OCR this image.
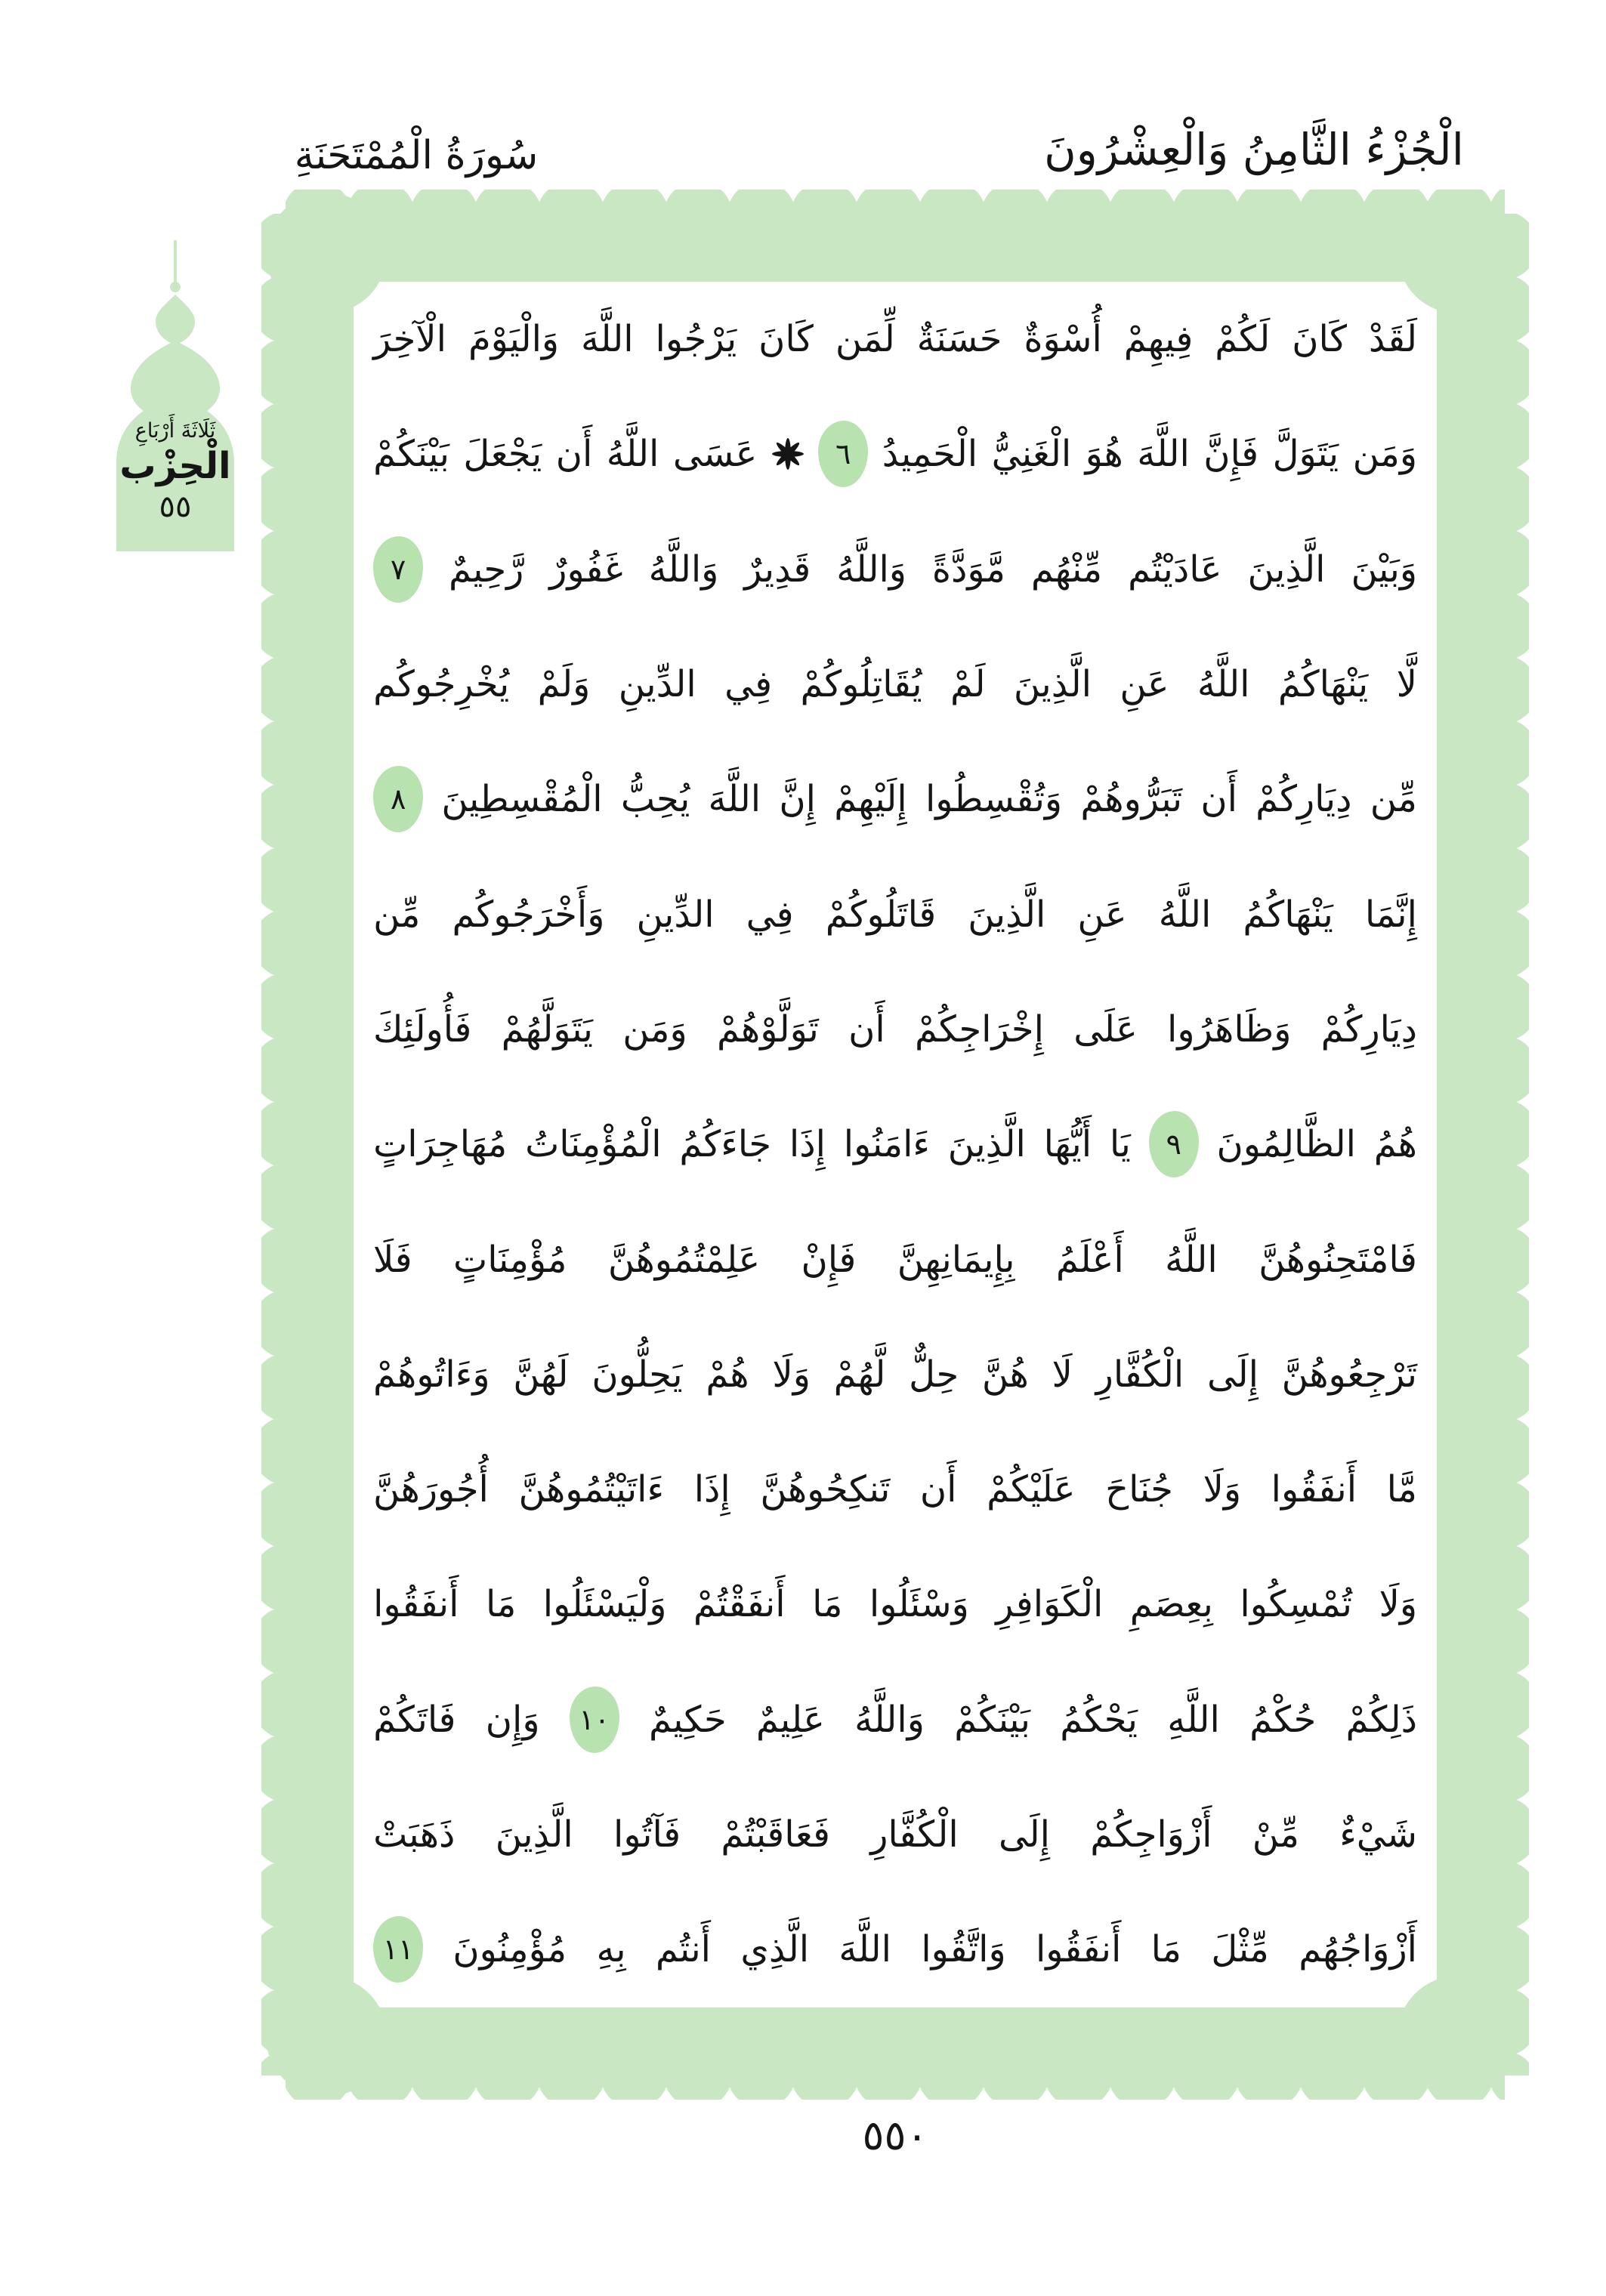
الْجُزْءُ الثَّامِنُ وَالْعِشْرُونَ
سُورَةُ الْمُمْتَحَنَةِ
ثَلَاثَةَ أَرْبَاعِ
الْحِزْب
٥٥
لَقَدْ
كَانَ
لَكُمْ
فِيهِمْ
أُسْوَةٌ
حَسَنَةٌ
لِّمَن
كَانَ
يَرْجُوا
اللَّهَ
وَالْيَوْمَ
الْآخِرَ
وَمَن
يَتَوَلَّ
فَإِنَّ
اللَّهَ
هُوَ
الْغَنِيُّ
الْحَمِيدُ
٦
عَسَى
اللَّهُ
أَن
يَجْعَلَ
بَيْنَكُمْ
وَبَيْنَ
الَّذِينَ
عَادَيْتُم
مِّنْهُم
مَّوَدَّةً
وَاللَّهُ
قَدِيرٌ
وَاللَّهُ
غَفُورٌ
رَّحِيمٌ
٧
لَّا
يَنْهَاكُمُ
اللَّهُ
عَنِ
الَّذِينَ
لَمْ
يُقَاتِلُوكُمْ
فِي
الدِّينِ
وَلَمْ
يُخْرِجُوكُم
مِّن
دِيَارِكُمْ
أَن
تَبَرُّوهُمْ
وَتُقْسِطُوا
إِلَيْهِمْ
إِنَّ
اللَّهَ
يُحِبُّ
الْمُقْسِطِينَ
٨
إِنَّمَا
يَنْهَاكُمُ
اللَّهُ
عَنِ
الَّذِينَ
قَاتَلُوكُمْ
فِي
الدِّينِ
وَأَخْرَجُوكُم
مِّن
دِيَارِكُمْ
وَظَاهَرُوا
عَلَى
إِخْرَاجِكُمْ
أَن
تَوَلَّوْهُمْ
وَمَن
يَتَوَلَّهُمْ
فَأُولَئِكَ
هُمُ
الظَّالِمُونَ
٩
يَا
أَيُّهَا
الَّذِينَ
ءَامَنُوا
إِذَا
جَاءَكُمُ
الْمُؤْمِنَاتُ
مُهَاجِرَاتٍ
فَامْتَحِنُوهُنَّ
اللَّهُ
أَعْلَمُ
بِإِيمَانِهِنَّ
فَإِنْ
عَلِمْتُمُوهُنَّ
مُؤْمِنَاتٍ
فَلَا
تَرْجِعُوهُنَّ
إِلَى
الْكُفَّارِ
لَا
هُنَّ
حِلٌّ
لَّهُمْ
وَلَا
هُمْ
يَحِلُّونَ
لَهُنَّ
وَءَاتُوهُمْ
مَّا
أَنفَقُوا
وَلَا
جُنَاحَ
عَلَيْكُمْ
أَن
تَنكِحُوهُنَّ
إِذَا
ءَاتَيْتُمُوهُنَّ
أُجُورَهُنَّ
وَلَا
تُمْسِكُوا
بِعِصَمِ
الْكَوَافِرِ
وَسْئَلُوا
مَا
أَنفَقْتُمْ
وَلْيَسْئَلُوا
مَا
أَنفَقُوا
ذَلِكُمْ
حُكْمُ
اللَّهِ
يَحْكُمُ
بَيْنَكُمْ
وَاللَّهُ
عَلِيمٌ
حَكِيمٌ
١٠
وَإِن
فَاتَكُمْ
شَيْءٌ
مِّنْ
أَزْوَاجِكُمْ
إِلَى
الْكُفَّارِ
فَعَاقَبْتُمْ
فَآتُوا
الَّذِينَ
ذَهَبَتْ
أَزْوَاجُهُم
مِّثْلَ
مَا
أَنفَقُوا
وَاتَّقُوا
اللَّهَ
الَّذِي
أَنتُم
بِهِ
مُؤْمِنُونَ
١١
٥٥٠
